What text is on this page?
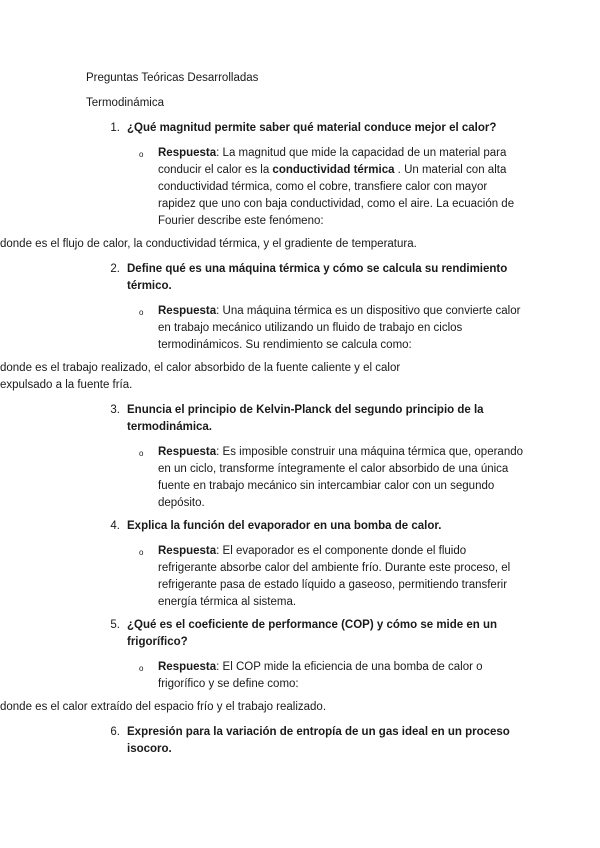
Preguntas Teóricas Desarrolladas
Termodinámica
1. ¿Qué magnitud permite saber qué material conduce mejor el calor?
o	Respuesta: La magnitud que mide la capacidad de un material para conducir el calor es la conductividad térmica . Un material con alta conductividad térmica, como el cobre, transfiere calor con mayor rapidez que uno con baja conductividad, como el aire. La ecuación de Fourier describe este fenómeno:
donde es el flujo de calor, la conductividad térmica, y el gradiente de temperatura.
2. Define qué es una máquina térmica y cómo se calcula su rendimiento térmico.
o	Respuesta: Una máquina térmica es un dispositivo que convierte calor en trabajo mecánico utilizando un fluido de trabajo en ciclos termodinámicos. Su rendimiento se calcula como:
donde es el trabajo realizado, el calor absorbido de la fuente caliente y el calor expulsado a la fuente fría.
3. Enuncia el principio de Kelvin-Planck del segundo principio de la termodinámica.
o	Respuesta: Es imposible construir una máquina térmica que, operando en un ciclo, transforme íntegramente el calor absorbido de una única fuente en trabajo mecánico sin intercambiar calor con un segundo depósito.
4. Explica la función del evaporador en una bomba de calor.
o	Respuesta: El evaporador es el componente donde el fluido refrigerante absorbe calor del ambiente frío. Durante este proceso, el refrigerante pasa de estado líquido a gaseoso, permitiendo transferir energía térmica al sistema.
5. ¿Qué es el coeficiente de performance (COP) y cómo se mide en un frigorífico?
o	Respuesta: El COP mide la eficiencia de una bomba de calor o frigorífico y se define como:
donde es el calor extraído del espacio frío y el trabajo realizado.
6. Expresión para la variación de entropía de un gas ideal en un proceso isocoro.
